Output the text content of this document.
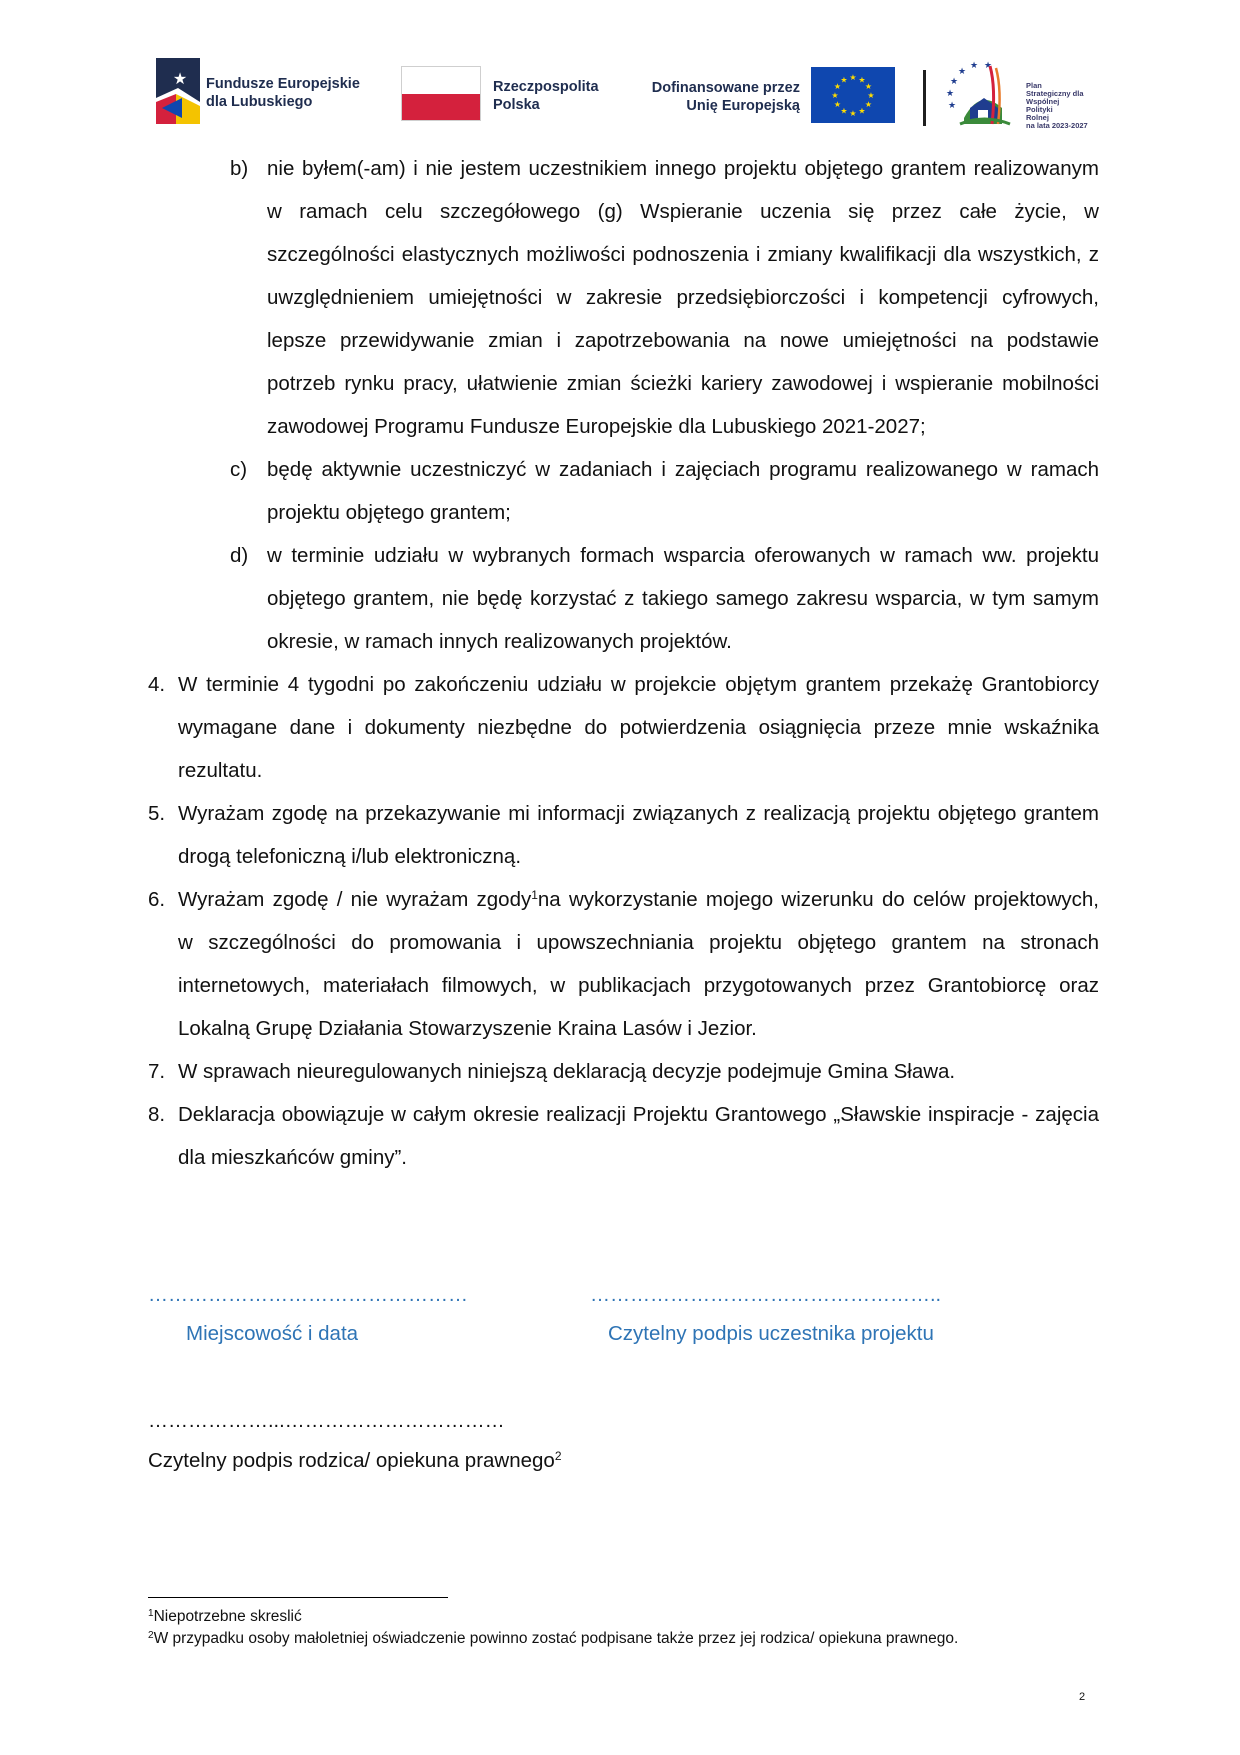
★ Fundusze Europejskie
dla Lubuskiego
Rzeczpospolita
Polska
Dofinansowane przez
Unię Europejską
★ ★
★
★
★
★
★
★
★
★
★
★	★
★
★
★
★
★
Plan
Strategiczny dla
Wspólnej
Polityki
Rolnej
na lata 2023-2027
b) nie byłem(-am) i nie jestem uczestnikiem innego projektu objętego grantem realizowanym
w ramach celu szczegółowego (g) Wspieranie uczenia się przez całe życie, w
szczególności elastycznych możliwości podnoszenia i zmiany kwalifikacji dla wszystkich, z
uwzględnieniem umiejętności w zakresie przedsiębiorczości i kompetencji cyfrowych,
lepsze przewidywanie zmian i zapotrzebowania na nowe umiejętności na podstawie
potrzeb rynku pracy, ułatwienie zmian ścieżki kariery zawodowej i wspieranie mobilności
zawodowej Programu Fundusze Europejskie dla Lubuskiego 2021-2027;
c) będę aktywnie uczestniczyć w zadaniach i zajęciach programu realizowanego w ramach
projektu objętego grantem;
d) w terminie udziału w wybranych formach wsparcia oferowanych w ramach ww. projektu
objętego grantem, nie będę korzystać z takiego samego zakresu wsparcia, w tym samym
okresie, w ramach innych realizowanych projektów.
4. W terminie 4 tygodni po zakończeniu udziału w projekcie objętym grantem przekażę Grantobiorcy
wymagane dane i dokumenty niezbędne do potwierdzenia osiągnięcia przeze mnie wskaźnika
rezultatu.
5. Wyrażam zgodę na przekazywanie mi informacji związanych z realizacją projektu objętego grantem
drogą telefoniczną i/lub elektroniczną.
6. Wyrażam zgodę / nie wyrażam zgody$^1$na wykorzystanie mojego wizerunku do celów projektowych,
w szczególności do promowania i upowszechniania projektu objętego grantem na stronach
internetowych, materiałach filmowych, w publikacjach przygotowanych przez Grantobiorcę oraz
Lokalną Grupę Działania Stowarzyszenie Kraina Lasów i Jezior.
7. W sprawach nieuregulowanych niniejszą deklaracją decyzje podejmuje Gmina Sława.
8. Deklaracja obowiązuje w całym okresie realizacji Projektu Grantowego „Sławskie inspiracje - zajęcia
dla mieszkańców gminy”.
…………………………………………
Miejscowość i data
……………………………………………..
Czytelny podpis uczestnika projektu
………………...……………………………
Czytelny podpis rodzica/ opiekuna prawnego$^2$
$^1$Niepotrzebne skreslić
$^2$W przypadku osoby małoletniej oświadczenie powinno zostać podpisane także przez jej rodzica/ opiekuna prawnego.
2
